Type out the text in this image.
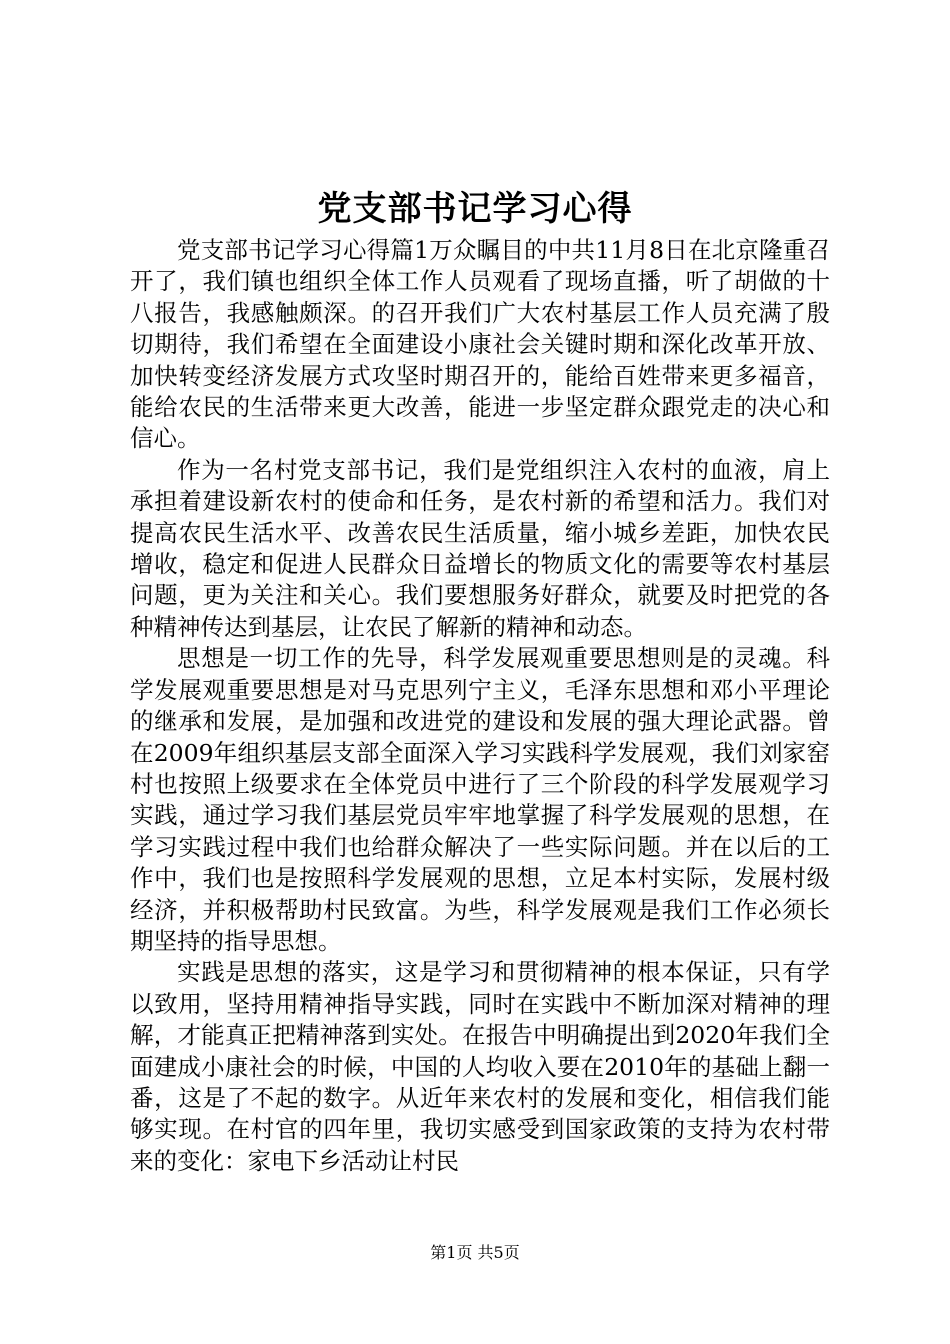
党支部书记学习心得

党支部书记学习心得篇1万众瞩目的中共11月8日在北京隆重召开了，我们镇也组织全体工作人员观看了现场直播，听了胡做的十八报告，我感触颇深。的召开我们广大农村基层工作人员充满了殷切期待，我们希望在全面建设小康社会关键时期和深化改革开放、加快转变经济发展方式攻坚时期召开的，能给百姓带来更多福音，能给农民的生活带来更大改善，能进一步坚定群众跟党走的决心和信心。

作为一名村党支部书记，我们是党组织注入农村的血液，肩上承担着建设新农村的使命和任务，是农村新的希望和活力。我们对提高农民生活水平、改善农民生活质量，缩小城乡差距，加快农民增收，稳定和促进人民群众日益增长的物质文化的需要等农村基层问题，更为关注和关心。我们要想服务好群众，就要及时把党的各种精神传达到基层，让农民了解新的精神和动态。

思想是一切工作的先导，科学发展观重要思想则是的灵魂。科学发展观重要思想是对马克思列宁主义，毛泽东思想和邓小平理论的继承和发展，是加强和改进党的建设和发展的强大理论武器。曾在2009年组织基层支部全面深入学习实践科学发展观，我们刘家窑村也按照上级要求在全体党员中进行了三个阶段的科学发展观学习实践，通过学习我们基层党员牢牢地掌握了科学发展观的思想，在学习实践过程中我们也给群众解决了一些实际问题。并在以后的工作中，我们也是按照科学发展观的思想，立足本村实际，发展村级经济，并积极帮助村民致富。为些，科学发展观是我们工作必须长期坚持的指导思想。

实践是思想的落实，这是学习和贯彻精神的根本保证，只有学以致用，坚持用精神指导实践，同时在实践中不断加深对精神的理解，才能真正把精神落到实处。在报告中明确提出到2020年我们全面建成小康社会的时候，中国的人均收入要在2010年的基础上翻一番，这是了不起的数字。从近年来农村的发展和变化，相信我们能够实现。在村官的四年里，我切实感受到国家政策的支持为农村带来的变化：家电下乡活动让村民

第1页 共5页
